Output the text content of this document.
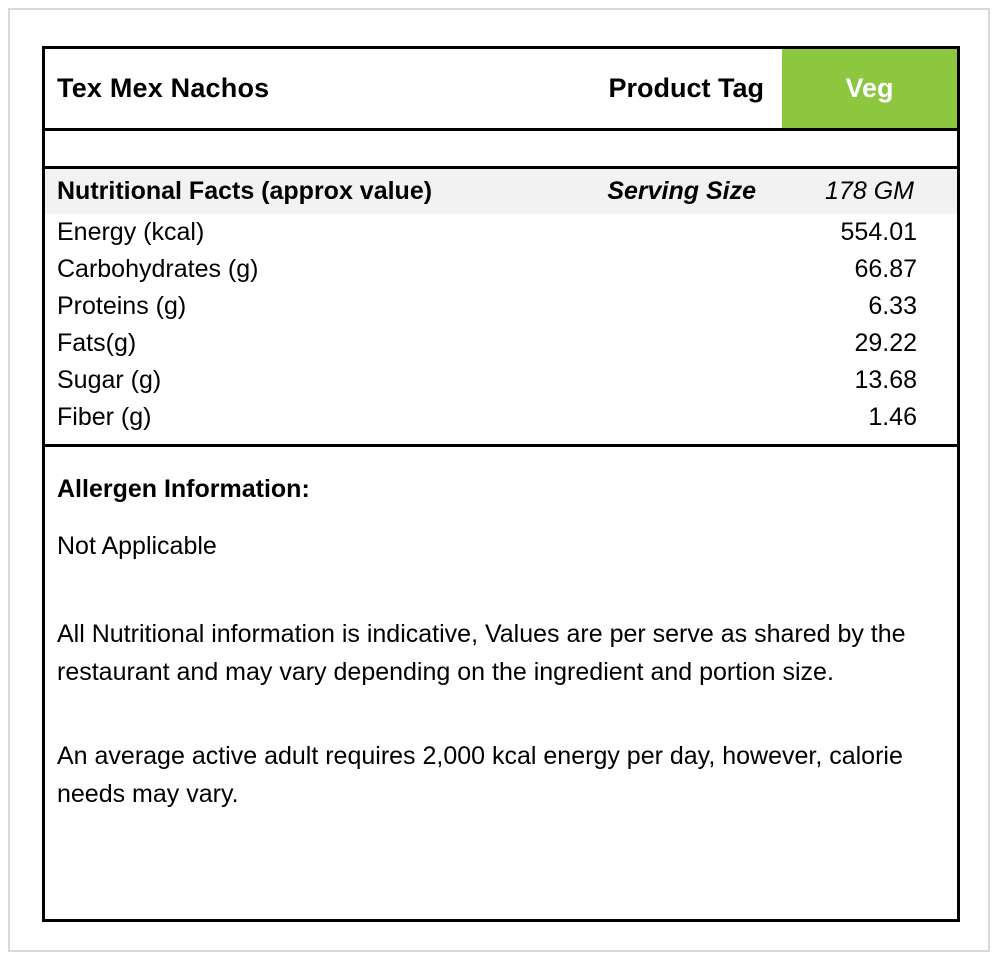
Tex Mex Nachos	Product Tag	Veg
Nutritional Facts (approx value)	Serving Size	178 GM
Energy (kcal)	554.01
Carbohydrates (g)	66.87
Proteins (g)	6.33
Fats(g)	29.22
Sugar (g)	13.68
Fiber (g)	1.46
Allergen Information:
Not Applicable
All Nutritional information is indicative, Values are per serve as shared by the restaurant and may vary depending on the ingredient and portion size.
An average active adult requires 2,000 kcal energy per day, however, calorie needs may vary.
